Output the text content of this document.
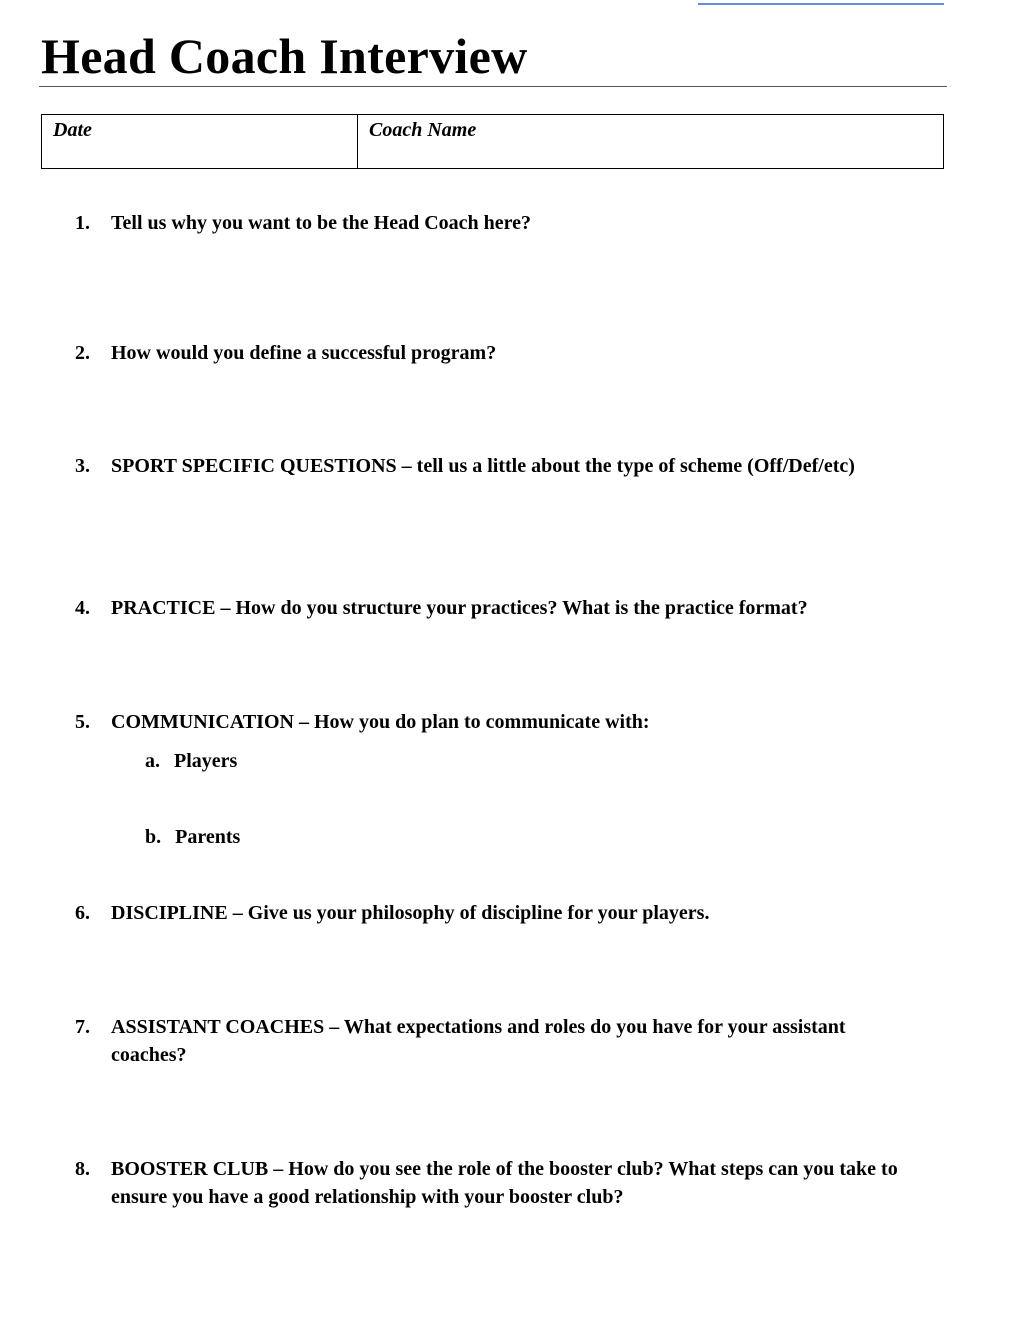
Head Coach Interview
Date	Coach Name
1. Tell us why you want to be the Head Coach here?
2. How would you define a successful program?
3. SPORT SPECIFIC QUESTIONS – tell us a little about the type of scheme (Off/Def/etc)
4. PRACTICE – How do you structure your practices? What is the practice format?
5. COMMUNICATION – How you do plan to communicate with:
a. Players
b. Parents
6. DISCIPLINE – Give us your philosophy of discipline for your players.
7. ASSISTANT COACHES – What expectations and roles do you have for your assistant coaches?
8. BOOSTER CLUB – How do you see the role of the booster club? What steps can you take to ensure you have a good relationship with your booster club?
